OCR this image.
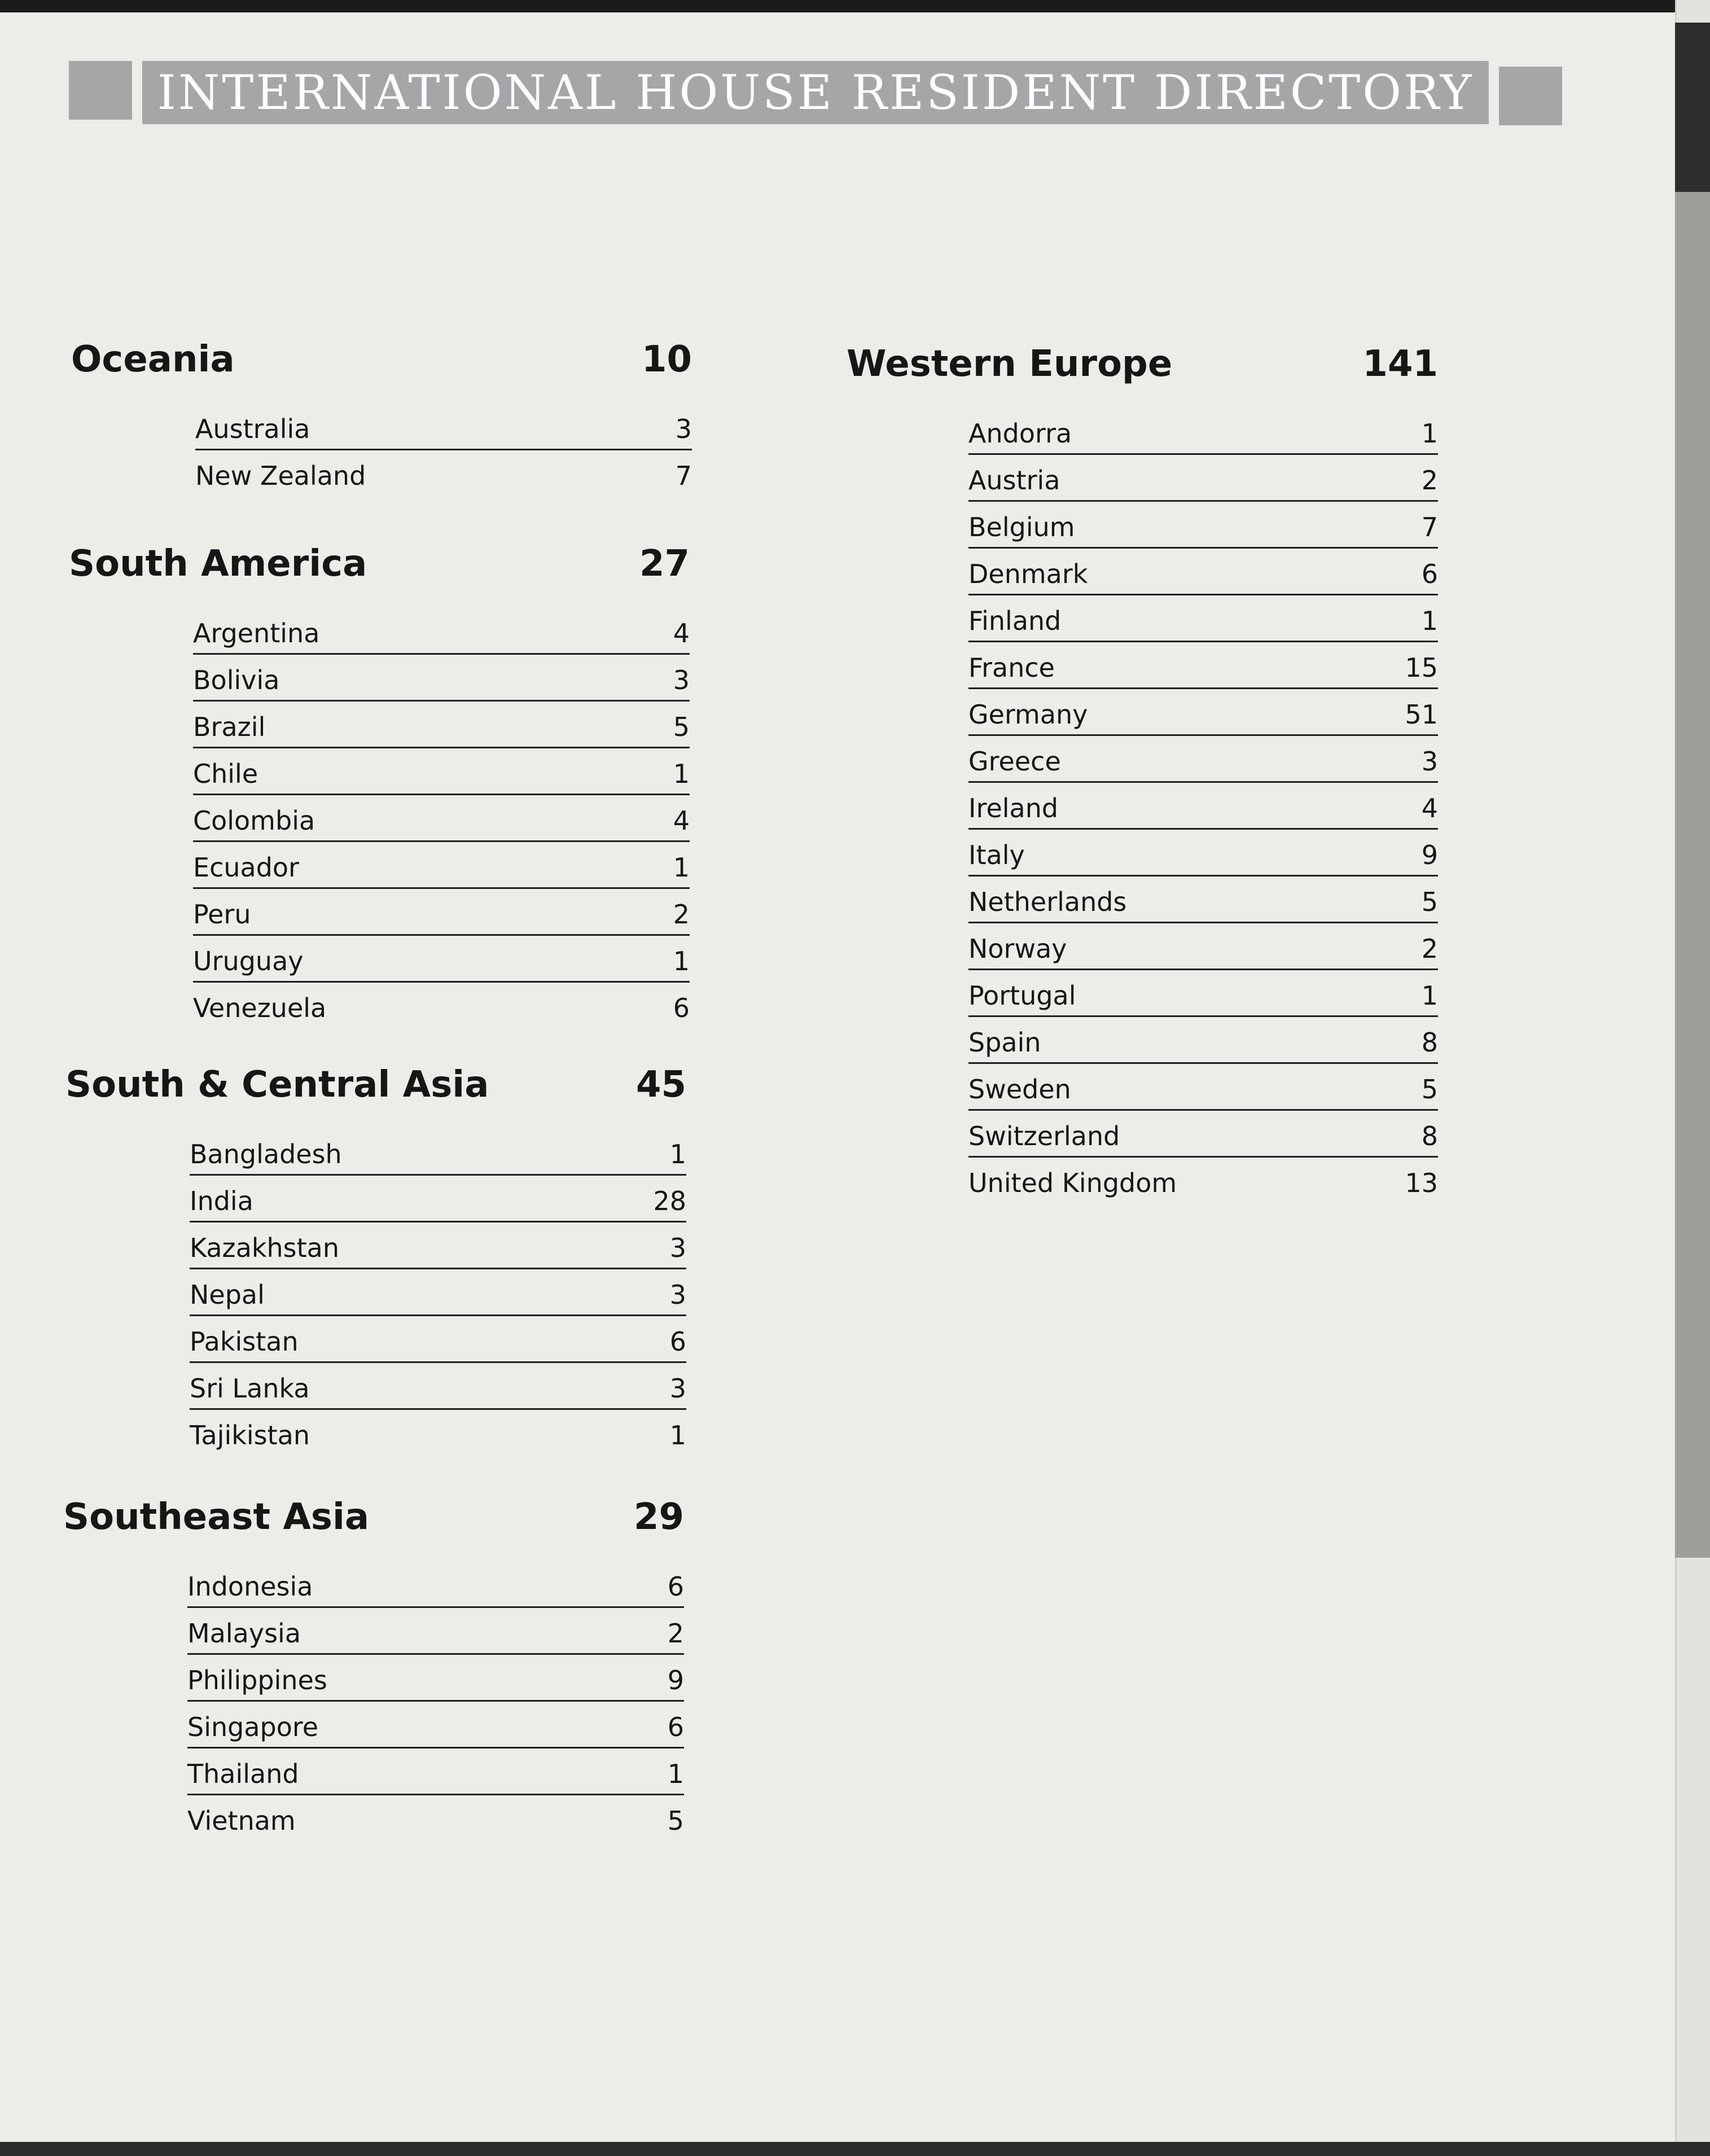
INTERNATIONAL HOUSE RESIDENT DIRECTORY
Oceania	10
Australia	3
New Zealand	7
South America	27
Argentina	4
Bolivia	3
Brazil	5
Chile	1
Colombia	4
Ecuador	1
Peru	2
Uruguay	1
Venezuela	6
South & Central Asia	45
Bangladesh	1
India	28
Kazakhstan	3
Nepal	3
Pakistan	6
Sri Lanka	3
Tajikistan	1
Southeast Asia	29
Indonesia	6
Malaysia	2
Philippines	9
Singapore	6
Thailand	1
Vietnam	5
Western Europe	141
Andorra	1
Austria	2
Belgium	7
Denmark	6
Finland	1
France	15
Germany	51
Greece	3
Ireland	4
Italy	9
Netherlands	5
Norway	2
Portugal	1
Spain	8
Sweden	5
Switzerland	8
United Kingdom	13
